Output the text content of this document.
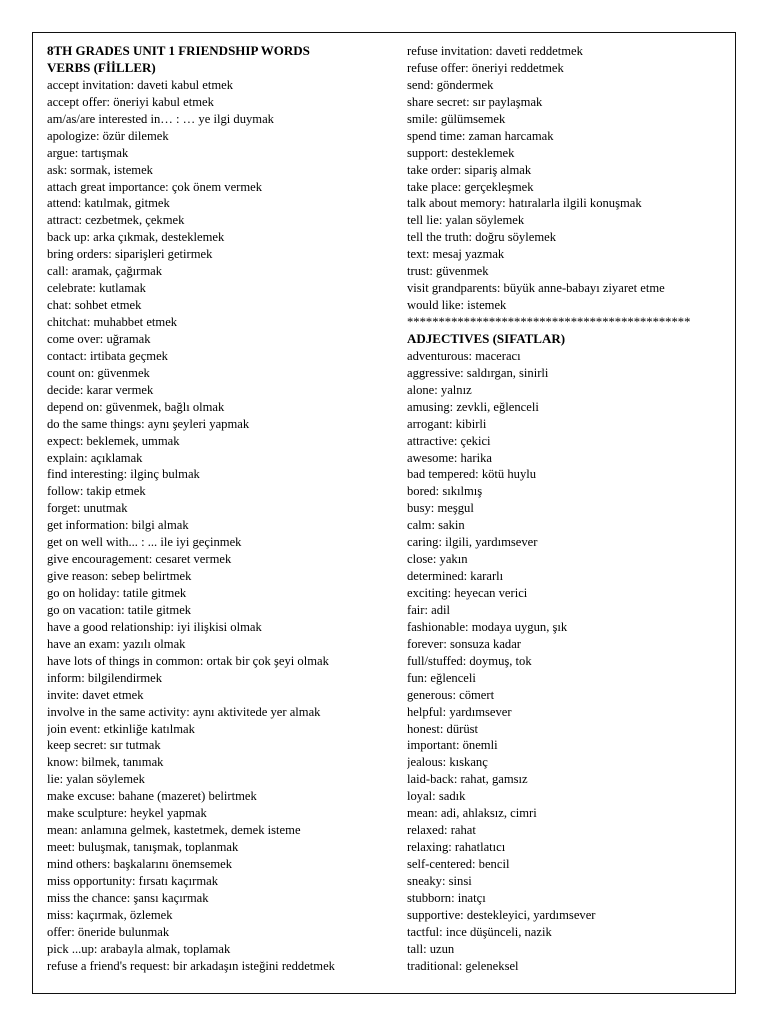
8TH GRADES UNIT 1 FRIENDSHIP WORDS
VERBS (FİİLLER)
accept invitation: daveti kabul etmek
accept offer: öneriyi kabul etmek
am/as/are interested in… : … ye ilgi duymak
apologize: özür dilemek
argue: tartışmak
ask: sormak, istemek
attach great importance: çok önem vermek
attend: katılmak, gitmek
attract: cezbetmek, çekmek
back up: arka çıkmak, desteklemek
bring orders: siparişleri getirmek
call: aramak, çağırmak
celebrate: kutlamak
chat: sohbet etmek
chitchat: muhabbet etmek
come over: uğramak
contact: irtibata geçmek
count on: güvenmek
decide: karar vermek
depend on: güvenmek, bağlı olmak
do the same things: aynı şeyleri yapmak
expect: beklemek, ummak
explain: açıklamak
find interesting: ilginç bulmak
follow: takip etmek
forget: unutmak
get information: bilgi almak
get on well with... : ... ile iyi geçinmek
give encouragement: cesaret vermek
give reason: sebep belirtmek
go on holiday: tatile gitmek
go on vacation: tatile gitmek
have a good relationship: iyi ilişkisi olmak
have an exam: yazılı olmak
have lots of things in common: ortak bir çok şeyi olmak
inform: bilgilendirmek
invite: davet etmek
involve in the same activity: aynı aktivitede yer almak
join event: etkinliğe katılmak
keep secret: sır tutmak
know: bilmek, tanımak
lie: yalan söylemek
make excuse: bahane (mazeret) belirtmek
make sculpture: heykel yapmak
mean: anlamına gelmek, kastetmek, demek isteme
meet: buluşmak, tanışmak, toplanmak
mind others: başkalarını önemsemek
miss opportunity: fırsatı kaçırmak
miss the chance: şansı kaçırmak
miss: kaçırmak, özlemek
offer: öneride bulunmak
pick ...up: arabayla almak, toplamak
refuse a friend's request: bir arkadaşın isteğini reddetmek
refuse invitation: daveti reddetmek
refuse offer: öneriyi reddetmek
send: göndermek
share secret: sır paylaşmak
smile: gülümsemek
spend time: zaman harcamak
support: desteklemek
take order: sipariş almak
take place: gerçekleşmek
talk about memory: hatıralarla ilgili konuşmak
tell lie: yalan söylemek
tell the truth: doğru söylemek
text: mesaj yazmak
trust: güvenmek
visit grandparents: büyük anne-babayı ziyaret etme
would like: istemek
*********************************************
ADJECTIVES (SIFATLAR)
adventurous: maceracı
aggressive: saldırgan, sinirli
alone: yalnız
amusing: zevkli, eğlenceli
arrogant: kibirli
attractive: çekici
awesome: harika
bad tempered: kötü huylu
bored: sıkılmış
busy: meşgul
calm: sakin
caring: ilgili, yardımsever
close: yakın
determined: kararlı
exciting: heyecan verici
fair: adil
fashionable: modaya uygun, şık
forever: sonsuza kadar
full/stuffed: doymuş, tok
fun: eğlenceli
generous: cömert
helpful: yardımsever
honest: dürüst
important: önemli
jealous: kıskanç
laid-back: rahat, gamsız
loyal: sadık
mean: adi, ahlaksız, cimri
relaxed: rahat
relaxing: rahatlatıcı
self-centered: bencil
sneaky: sinsi
stubborn: inatçı
supportive: destekleyici, yardımsever
tactful: ince düşünceli, nazik
tall: uzun
traditional: geleneksel
